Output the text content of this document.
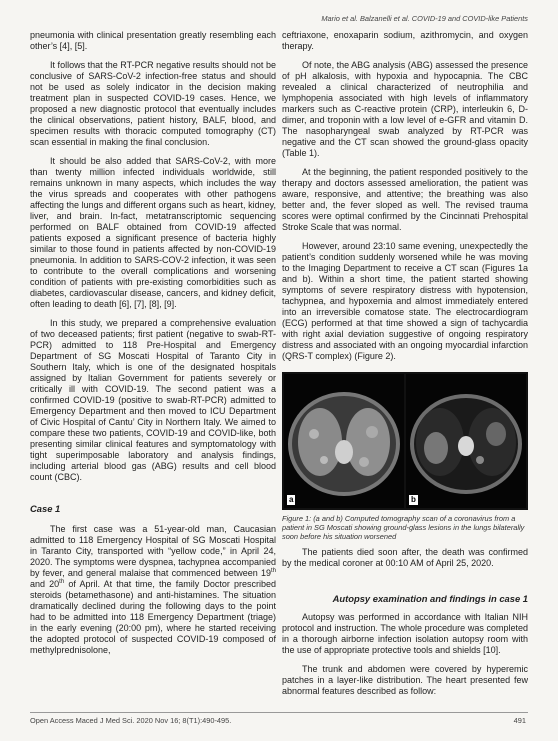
Mario et al. Balzanelli et al. COVID-19 and COVID-like Patients

pneumonia with clinical presentation greatly resembling each other’s [4], [5].

It follows that the RT-PCR negative results should not be conclusive of SARS-CoV-2 infection-free status and should not be used as solely indicator in the decision making treatment plan in suspected COVID-19 cases. Hence, we proposed a new diagnostic protocol that eventually includes the clinical observations, patient history, BALF, blood, and specimen results with thoracic computed tomography (CT) scan essential in making the final conclusion.

It should be also added that SARS-CoV-2, with more than twenty million infected individuals worldwide, still remains unknown in many aspects, which includes the way the virus spreads and cooperates with other pathogens affecting the lungs and different organs such as heart, kidney, liver, and brain. In-fact, metatranscriptomic sequencing performed on BALF obtained from COVID-19 affected patients exposed a significant presence of bacteria highly similar to those found in patients affected by non-COVID-19 pneumonia. In addition to SARS-COV-2 infection, it was seen to contribute to the overall complications and worsening condition of patients with pre-existing comorbidities such as diabetes, cardiovascular disease, cancers, and kidney deficit, often leading to death [6], [7], [8], [9].

In this study, we prepared a comprehensive evaluation of two deceased patients; first patient (negative to swab-RT-PCR) admitted to 118 Pre-Hospital and Emergency Department of SG Moscati Hospital of Taranto City in Southern Italy, which is one of the designated hospitals assigned by Italian Government for patients severely or critically ill with COVID-19. The second patient was a confirmed COVID-19 (positive to swab-RT-PCR) admitted to Emergency Department and then moved to ICU Department of Civic Hospital of Cantu’ City in Northern Italy. We aimed to compare these two patients, COVID-19 and COVID-like, both presenting similar clinical features and symptomatology with tight superimposable laboratory and analysis findings, including arterial blood gas (ABG) results and cell blood count (CBC).

Case 1

The first case was a 51-year-old man, Caucasian admitted to 118 Emergency Hospital of SG Moscati Hospital in Taranto City, transported with “yellow code,” in April 24, 2020. The symptoms were dyspnea, tachypnea accompanied by fever, and general malaise that commenced between 19th and 20th of April. At that time, the family Doctor prescribed steroids (betamethasone) and anti-histamines. The situation dramatically declined during the following days to the point had to be admitted into 118 Emergency Department (triage) in the early evening (20:00 pm), where he started receiving the adopted protocol of suspected COVID-19 composed of methylprednisolone,

ceftriaxone, enoxaparin sodium, azithromycin, and oxygen therapy.

Of note, the ABG analysis (ABG) assessed the presence of pH alkalosis, with hypoxia and hypocapnia. The CBC revealed a clinical characterized of neutrophilia and lymphopenia associated with high levels of inflammatory markers such as C-reactive protein (CRP), interleukin 6, D-dimer, and troponin with a low level of e-GFR and vitamin D. The nasopharyngeal swab analyzed by RT-PCR was negative and the CT scan showed the ground-glass opacity (Table 1).

At the beginning, the patient responded positively to the therapy and doctors assessed amelioration, the patient was aware, responsive, and attentive; the breathing was also better and, the fever sloped as well. The revised trauma scores were optimal confirmed by the Cincinnati Prehospital Stroke Scale that was normal.

However, around 23:10 same evening, unexpectedly the patient’s condition suddenly worsened while he was moving to the Imaging Department to receive a CT scan (Figures 1a and b). Within a short time, the patient started showing symptoms of severe respiratory distress with hypotension, tachypnea, and hypoxemia and almost immediately entered into an irreversible comatose state. The electrocardiogram (ECG) performed at that time showed a sign of tachycardia with right axial deviation suggestive of ongoing respiratory distress and associated with an ongoing myocardial infarction (QRS-T complex) (Figure 2).

a	b
Figure 1: (a and b) Computed tomography scan of a coronavirus from a patient in SG Moscati showing ground-glass lesions in the lungs bilaterally soon before his situation worsened

The patients died soon after, the death was confirmed by the medical coroner at 00:10 AM of April 25, 2020.

Autopsy examination and findings in case 1

Autopsy was performed in accordance with Italian NIH protocol and instruction. The whole procedure was completed in a thorough airborne infection isolation autopsy room with the use of appropriate protective tools and shields [10].

The trunk and abdomen were covered by hyperemic patches in a layer-like distribution. The heart presented few abnormal features described as follow:

Open Access Maced J Med Sci. 2020 Nov 16; 8(T1):490-495.	491
